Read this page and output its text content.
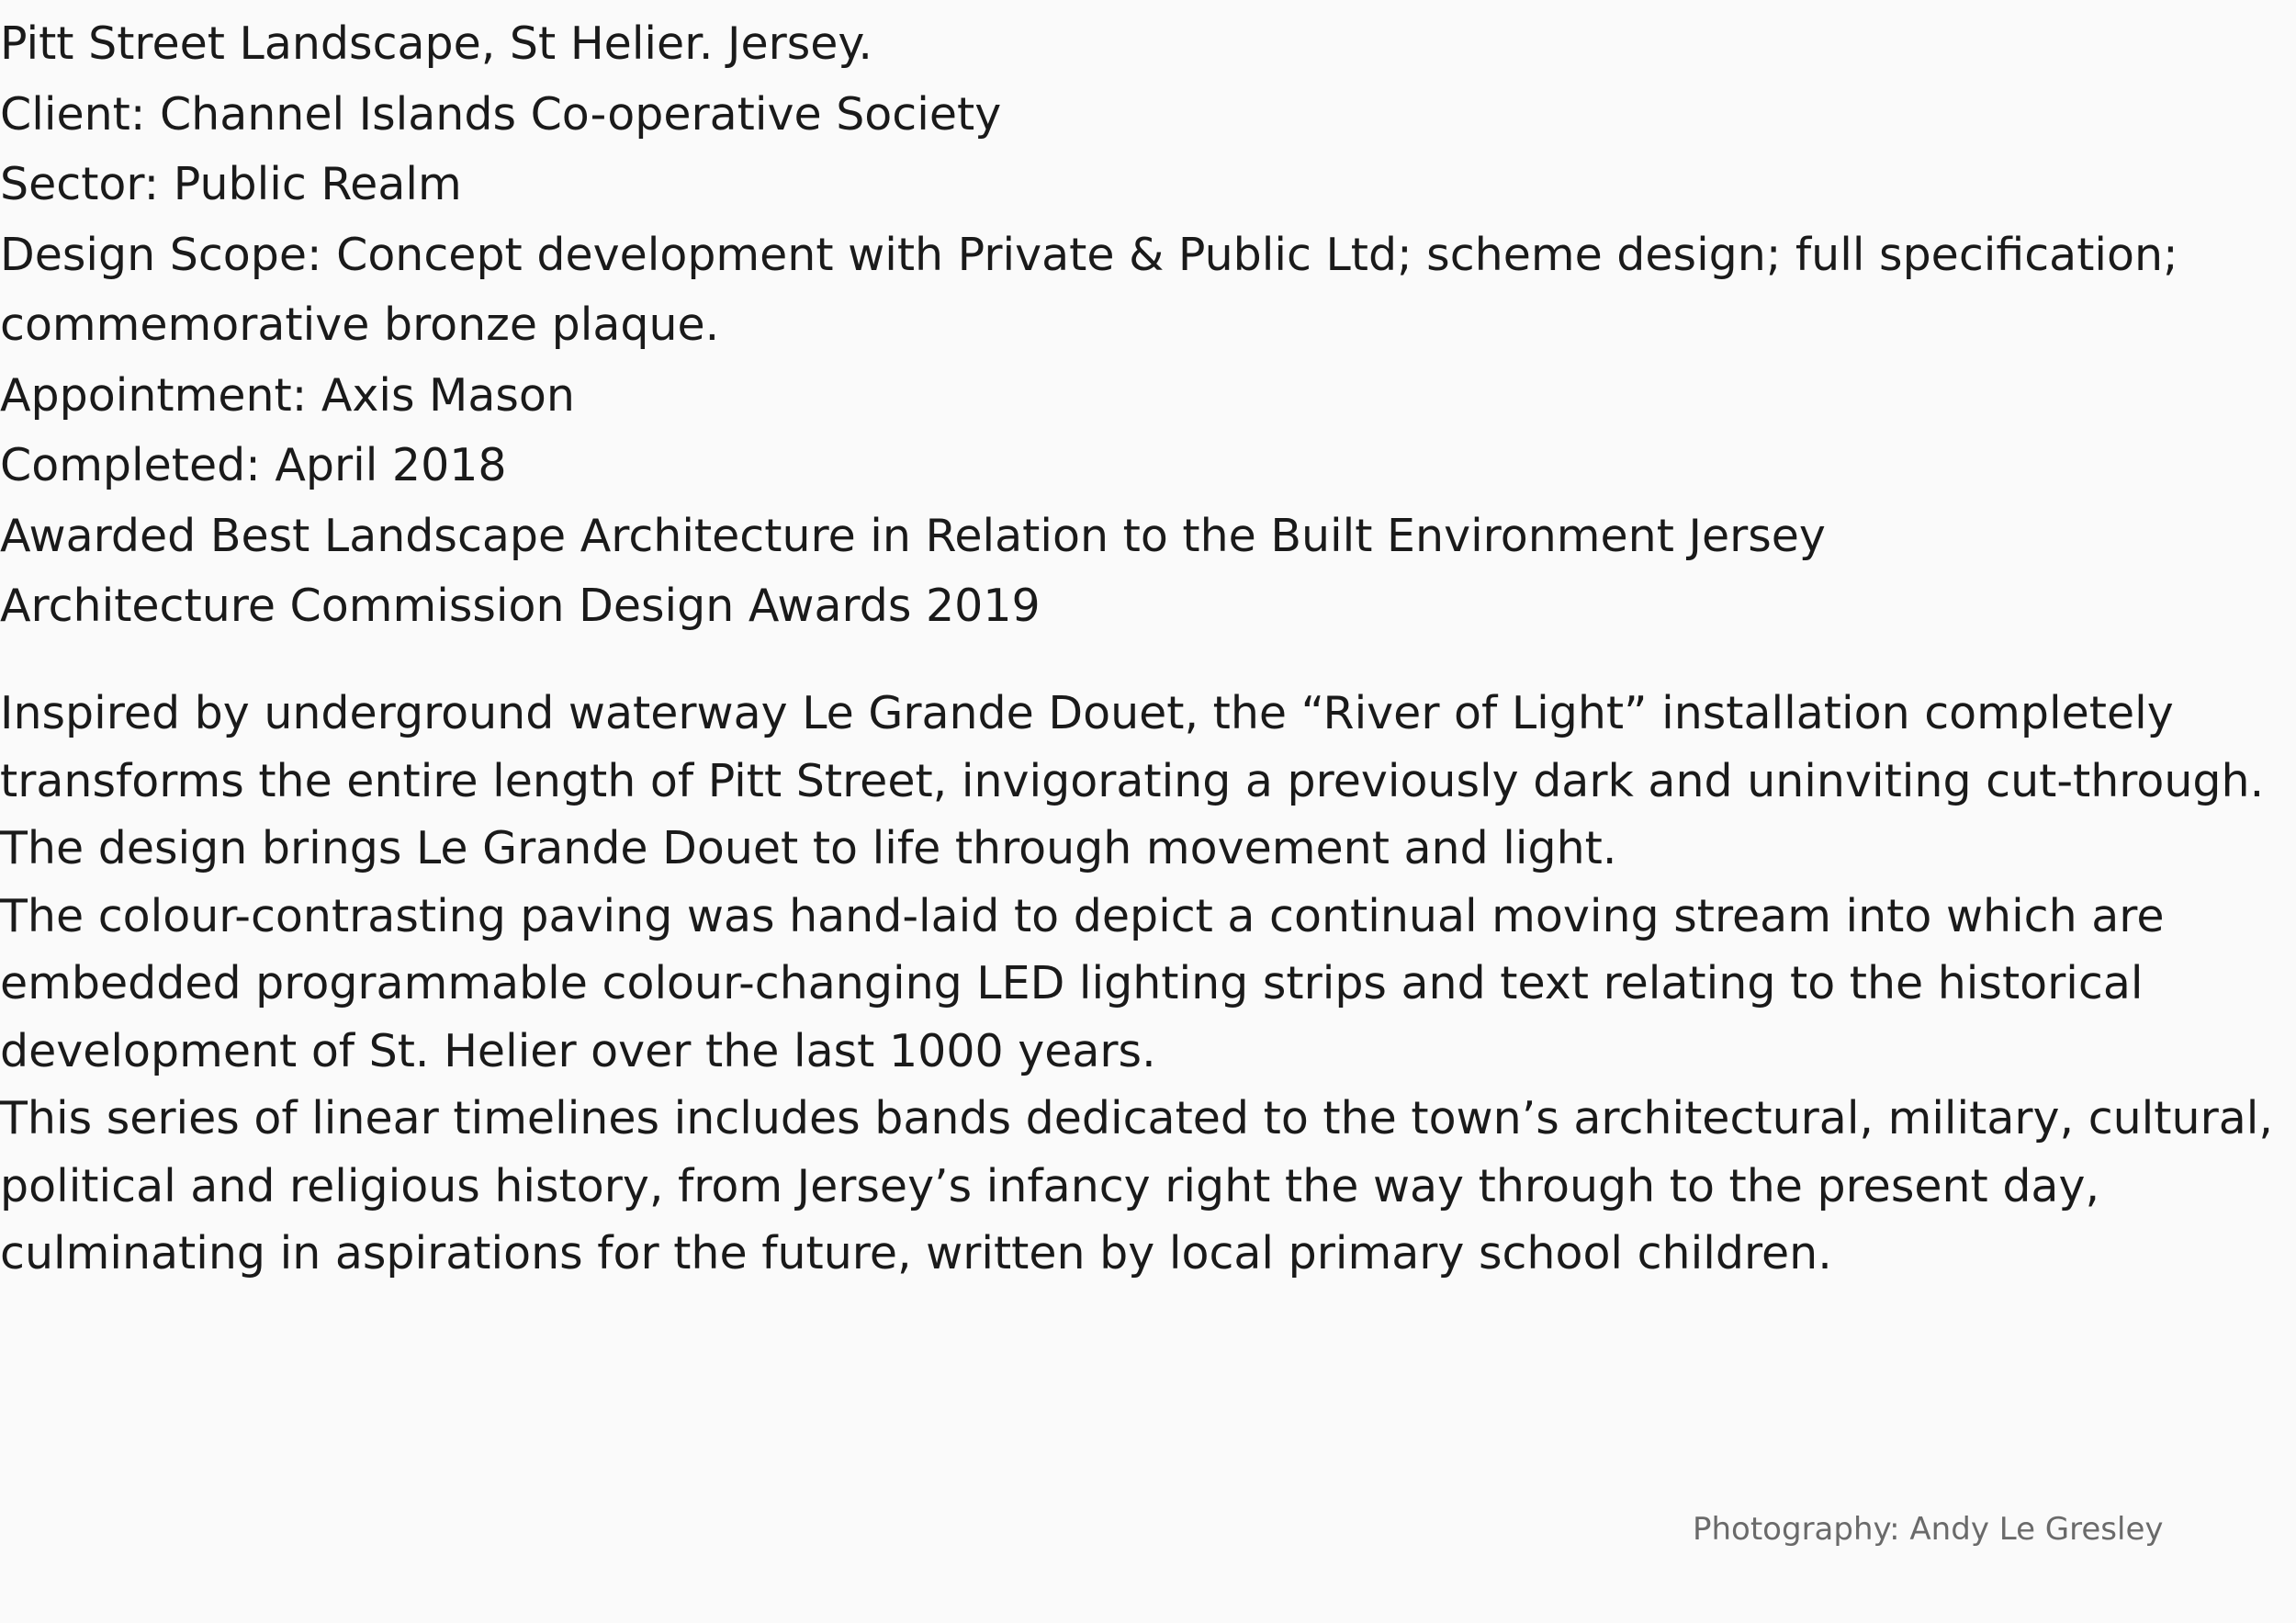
Pitt Street Landscape, St Helier. Jersey.
Client: Channel Islands Co-operative Society
Sector: Public Realm
Design Scope: Concept development with Private & Public Ltd; scheme design; full specification;
commemorative bronze plaque.
Appointment: Axis Mason
Completed: April 2018
Awarded Best Landscape Architecture in Relation to the Built Environment Jersey
Architecture Commission Design Awards 2019
Inspired by underground waterway Le Grande Douet, the “River of Light” installation completely
transforms the entire length of Pitt Street, invigorating a previously dark and uninviting cut-through.
The design brings Le Grande Douet to life through movement and light.
The colour-contrasting paving was hand-laid to depict a continual moving stream into which are
embedded programmable colour-changing LED lighting strips and text relating to the historical
development of St. Helier over the last 1000 years.
This series of linear timelines includes bands dedicated to the town’s architectural, military, cultural,
political and religious history, from Jersey’s infancy right the way through to the present day,
culminating in aspirations for the future, written by local primary school children.
Photography: Andy Le Gresley
